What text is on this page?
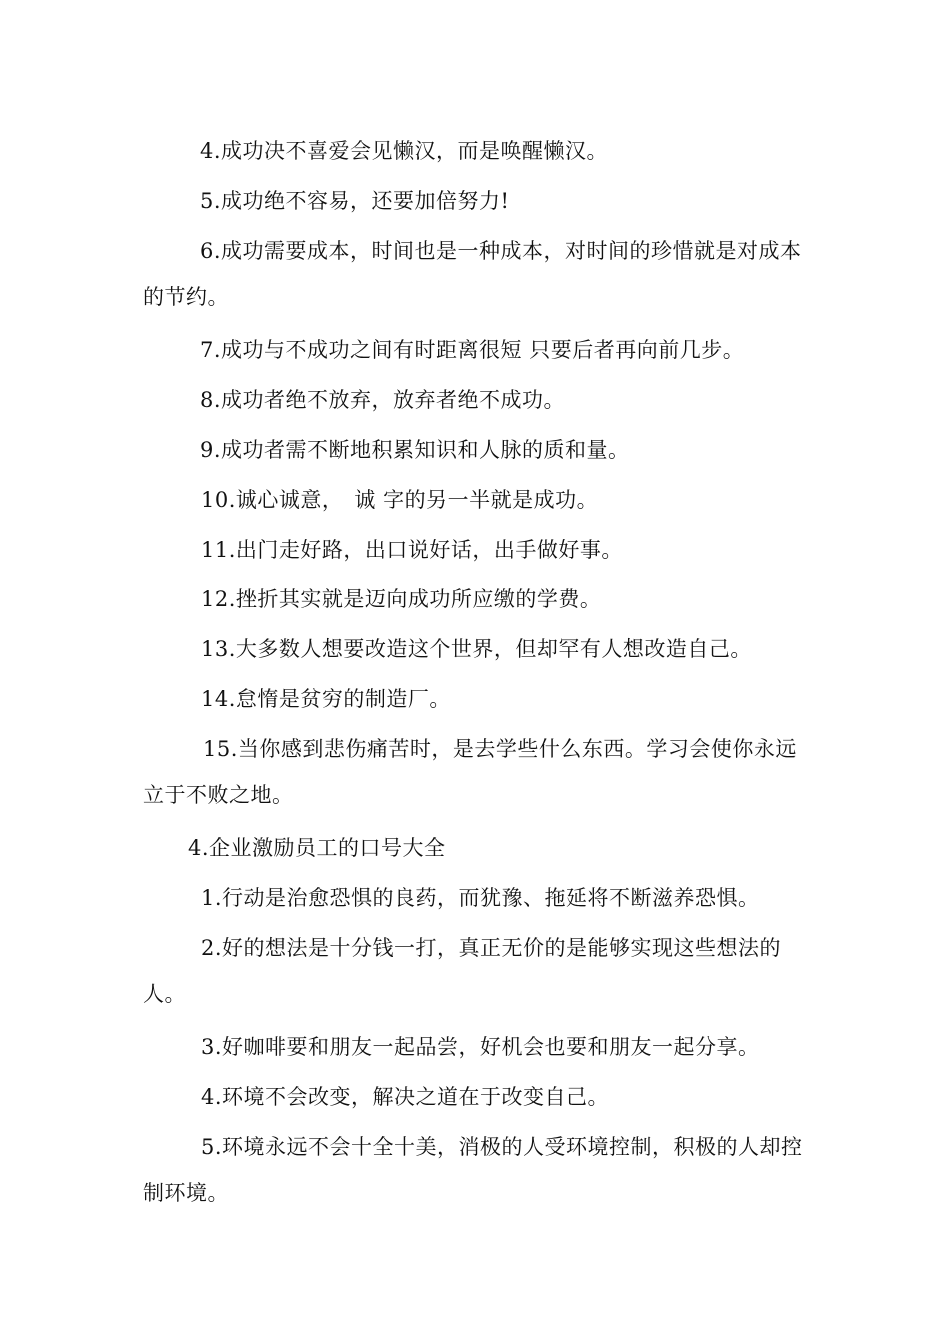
4.成功决不喜爱会见懒汉，而是唤醒懒汉。

5.成功绝不容易，还要加倍努力!

6.成功需要成本，时间也是一种成本，对时间的珍惜就是对成本的节约。

7.成功与不成功之间有时距离很短 只要后者再向前几步。

8.成功者绝不放弃，放弃者绝不成功。

9.成功者需不断地积累知识和人脉的质和量。

10.诚心诚意，　诚 字的另一半就是成功。

11.出门走好路，出口说好话，出手做好事。

12.挫折其实就是迈向成功所应缴的学费。

13.大多数人想要改造这个世界，但却罕有人想改造自己。

14.怠惰是贫穷的制造厂。

15.当你感到悲伤痛苦时，是去学些什么东西。学习会使你永远立于不败之地。

4.企业激励员工的口号大全

1.行动是治愈恐惧的良药，而犹豫、拖延将不断滋养恐惧。

2.好的想法是十分钱一打，真正无价的是能够实现这些想法的人。

3.好咖啡要和朋友一起品尝，好机会也要和朋友一起分享。

4.环境不会改变，解决之道在于改变自己。

5.环境永远不会十全十美，消极的人受环境控制，积极的人却控制环境。
